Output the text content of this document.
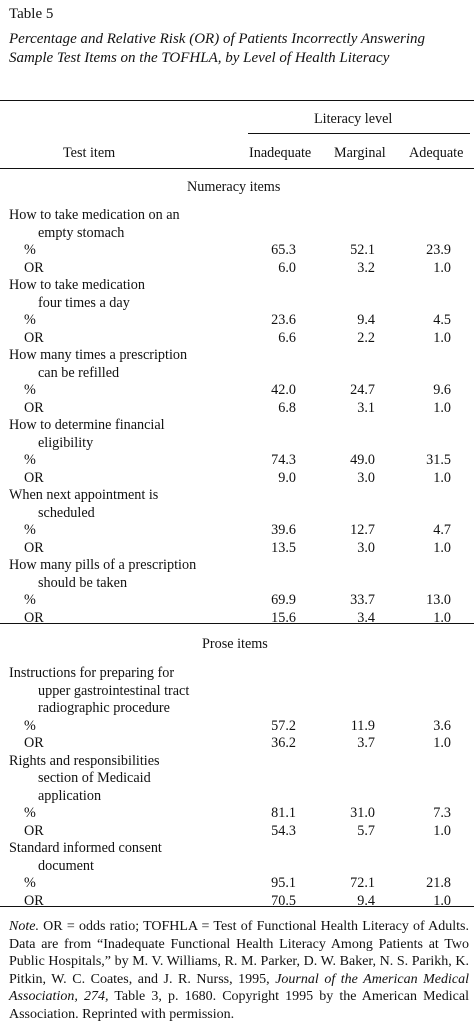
Table 5
Percentage and Relative Risk (OR) of Patients Incorrectly Answering Sample Test Items on the TOFHLA, by Level of Health Literacy
Literacy level
Test item	Inadequate Marginal Adequate
Numeracy items
How to take medication on an
empty stomach
%	65.3	52.1	23.9
OR	6.0	3.2	1.0
How to take medication
four times a day
%	23.6	9.4	4.5
OR	6.6	2.2	1.0
How many times a prescription
can be refilled
%	42.0	24.7	9.6
OR	6.8	3.1	1.0
How to determine financial
eligibility
%	74.3	49.0	31.5
OR	9.0	3.0	1.0
When next appointment is
scheduled
%	39.6	12.7	4.7
OR	13.5	3.0	1.0
How many pills of a prescription
should be taken
%	69.9	33.7	13.0
OR	15.6	3.4	1.0
Prose items
Instructions for preparing for
upper gastrointestinal tract
radiographic procedure
%	57.2	11.9	3.6
OR	36.2	3.7	1.0
Rights and responsibilities
section of Medicaid
application
%	81.1	31.0	7.3
OR	54.3	5.7	1.0
Standard informed consent
document
%	95.1	72.1	21.8
OR	70.5	9.4	1.0
Note. OR = odds ratio; TOFHLA = Test of Functional Health Literacy of Adults. Data are from “Inadequate Functional Health Literacy Among Patients at Two Public Hospitals,” by M. V. Williams, R. M. Parker, D. W. Baker, N. S. Parikh, K. Pitkin, W. C. Coates, and J. R. Nurss, 1995, Journal of the American Medical Association, 274, Table 3, p. 1680. Copyright 1995 by the American Medical Association. Reprinted with permission.
